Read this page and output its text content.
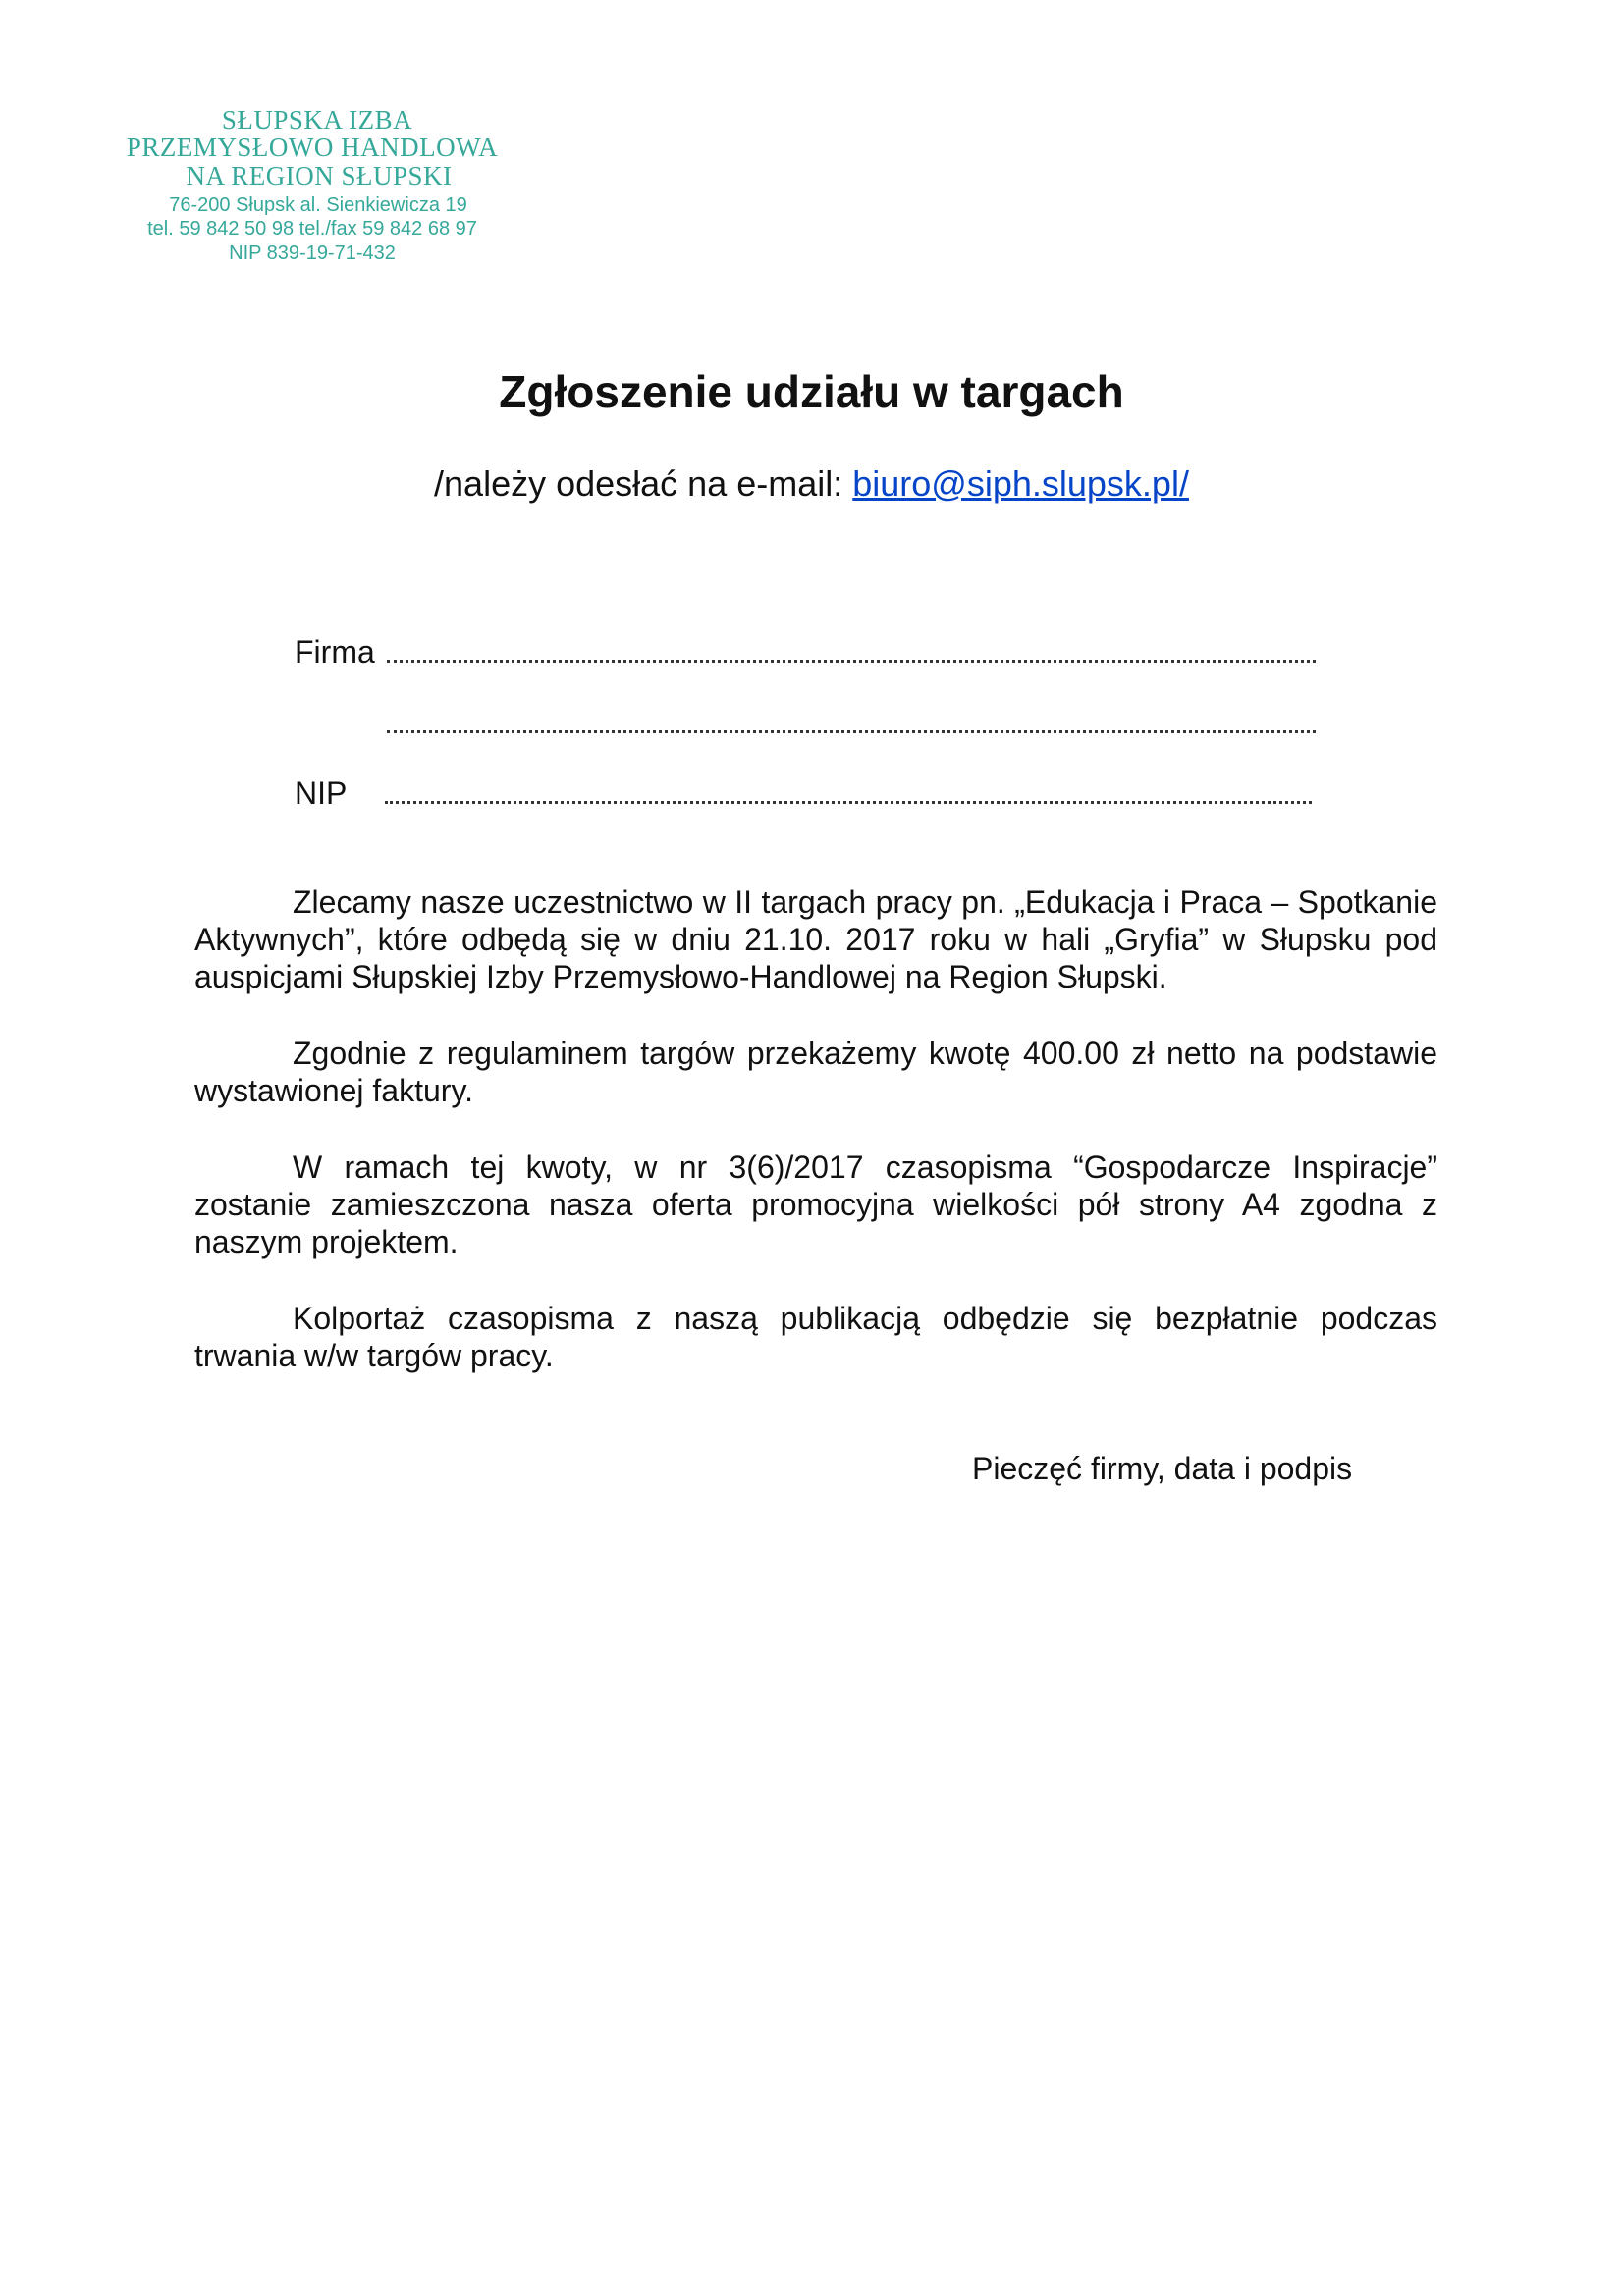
SŁUPSKA IZBA
PRZEMYSŁOWO HANDLOWA
NA REGION SŁUPSKI
76-200 Słupsk al. Sienkiewicza 19
tel. 59 842 50 98 tel./fax 59 842 68 97
NIP 839-19-71-432
Zgłoszenie udziału w targach
/należy odesłać na e-mail: biuro@siph.slupsk.pl/
Firma
NIP
Zlecamy nasze uczestnictwo w II targach pracy pn. „Edukacja i Praca – Spotkanie Aktywnych”, które odbędą się w dniu 21.10. 2017 roku w hali „Gryfia” w Słupsku pod auspicjami Słupskiej Izby Przemysłowo-Handlowej na Region Słupski.
Zgodnie z regulaminem targów przekażemy kwotę 400.00 zł netto na podstawie wystawionej faktury.
W ramach tej kwoty, w nr 3(6)/2017 czasopisma “Gospodarcze Inspiracje” zostanie zamieszczona nasza oferta promocyjna wielkości pół strony A4 zgodna z naszym projektem.
Kolportaż czasopisma z naszą publikacją odbędzie się bezpłatnie podczas trwania w/w targów pracy.
Pieczęć firmy, data i podpis
